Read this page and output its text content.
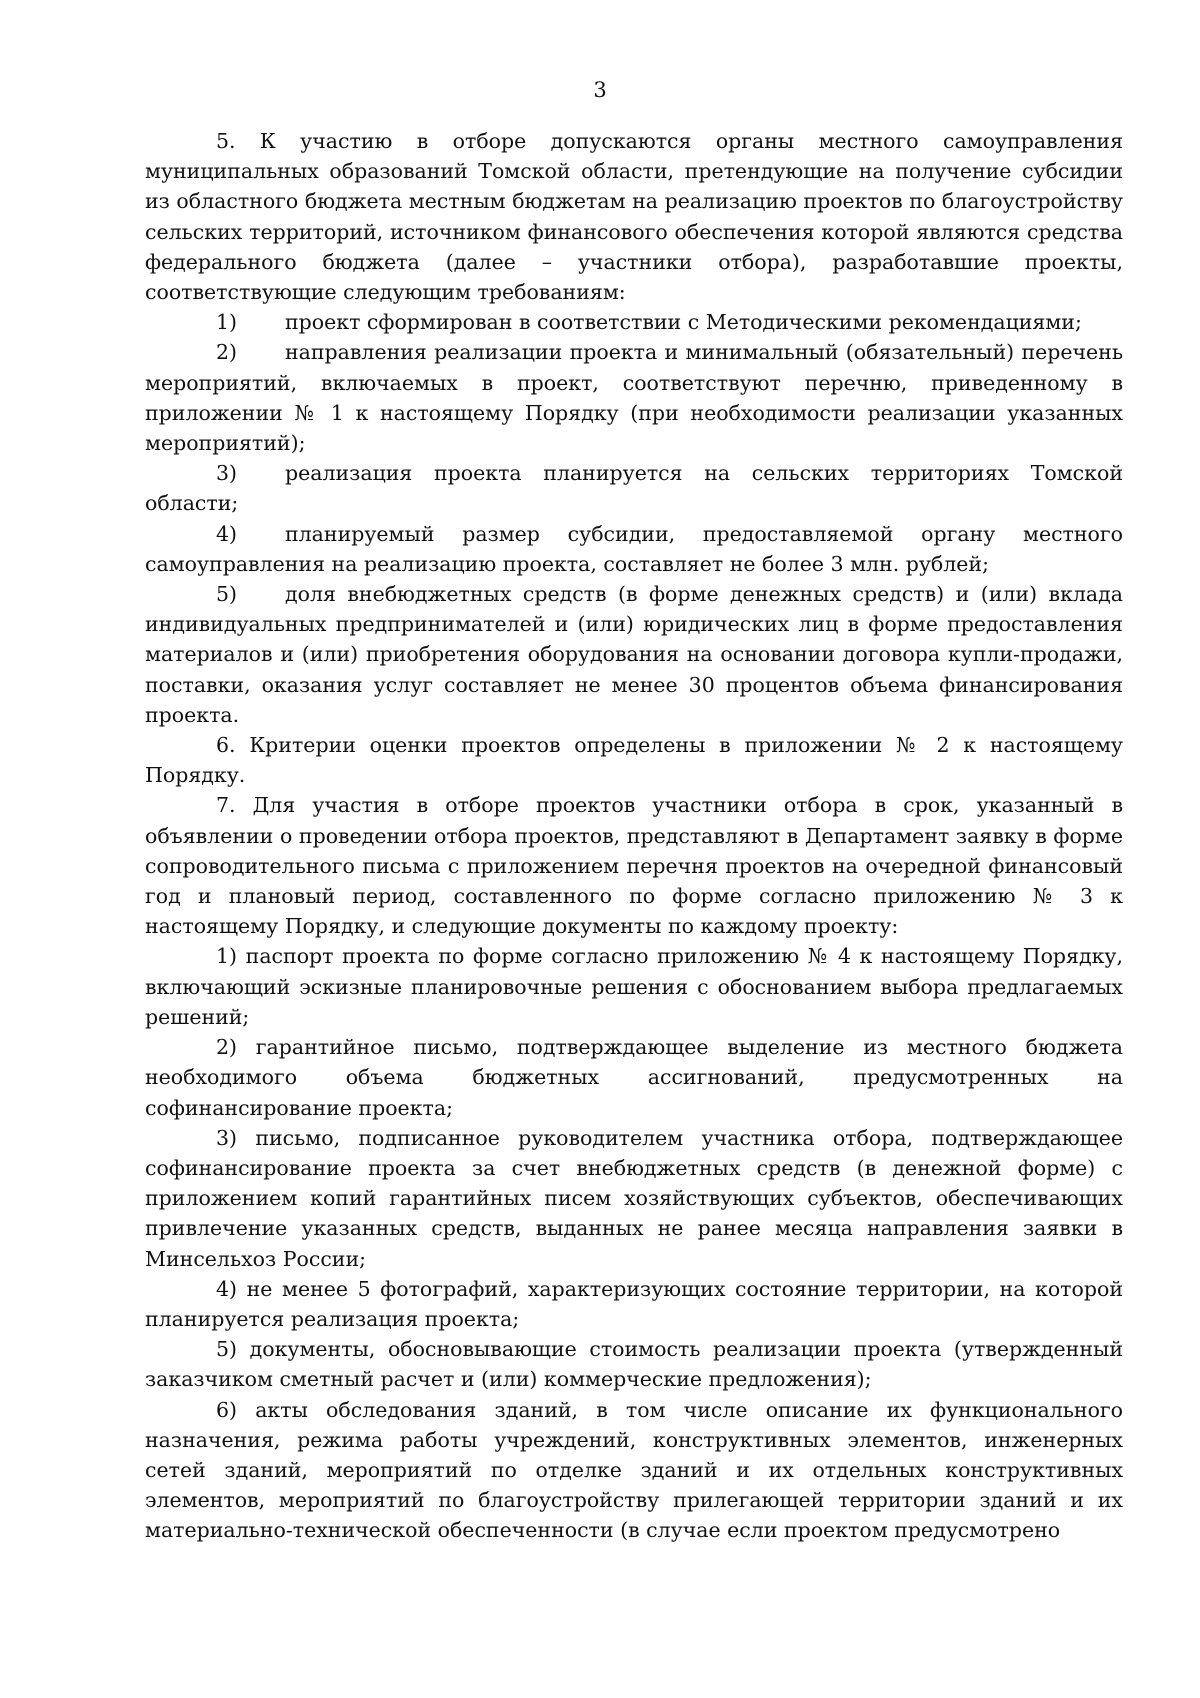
3

5. К участию в отборе допускаются органы местного самоуправления муниципальных образований Томской области, претендующие на получение субсидии из областного бюджета местным бюджетам на реализацию проектов по благоустройству сельских территорий, источником финансового обеспечения которой являются средства федерального бюджета (далее – участники отбора), разработавшие проекты, соответствующие следующим требованиям:

1) проект сформирован в соответствии с Методическими рекомендациями;

2) направления реализации проекта и минимальный (обязательный) перечень мероприятий, включаемых в проект, соответствуют перечню, приведенному в приложении № 1 к настоящему Порядку (при необходимости реализации указанных мероприятий);

3) реализация проекта планируется на сельских территориях Томской области;

4) планируемый размер субсидии, предоставляемой органу местного самоуправления на реализацию проекта, составляет не более 3 млн. рублей;

5) доля внебюджетных средств (в форме денежных средств) и (или) вклада индивидуальных предпринимателей и (или) юридических лиц в форме предоставления материалов и (или) приобретения оборудования на основании договора купли-продажи, поставки, оказания услуг составляет не менее 30 процентов объема финансирования проекта.

6. Критерии оценки проектов определены в приложении № 2 к настоящему Порядку.

7. Для участия в отборе проектов участники отбора в срок, указанный в объявлении о проведении отбора проектов, представляют в Департамент заявку в форме сопроводительного письма с приложением перечня проектов на очередной финансовый год и плановый период, составленного по форме согласно приложению № 3 к настоящему Порядку, и следующие документы по каждому проекту:

1) паспорт проекта по форме согласно приложению № 4 к настоящему Порядку, включающий эскизные планировочные решения с обоснованием выбора предлагаемых решений;

2) гарантийное письмо, подтверждающее выделение из местного бюджета необходимого объема бюджетных ассигнований, предусмотренных на софинансирование проекта;

3) письмо, подписанное руководителем участника отбора, подтверждающее софинансирование проекта за счет внебюджетных средств (в денежной форме) с приложением копий гарантийных писем хозяйствующих субъектов, обеспечивающих привлечение указанных средств, выданных не ранее месяца направления заявки в Минсельхоз России;

4) не менее 5 фотографий, характеризующих состояние территории, на которой планируется реализация проекта;

5) документы, обосновывающие стоимость реализации проекта (утвержденный заказчиком сметный расчет и (или) коммерческие предложения);

6) акты обследования зданий, в том числе описание их функционального назначения, режима работы учреждений, конструктивных элементов, инженерных сетей зданий, мероприятий по отделке зданий и их отдельных конструктивных элементов, мероприятий по благоустройству прилегающей территории зданий и их материально-технической обеспеченности (в случае если проектом предусмотрено
